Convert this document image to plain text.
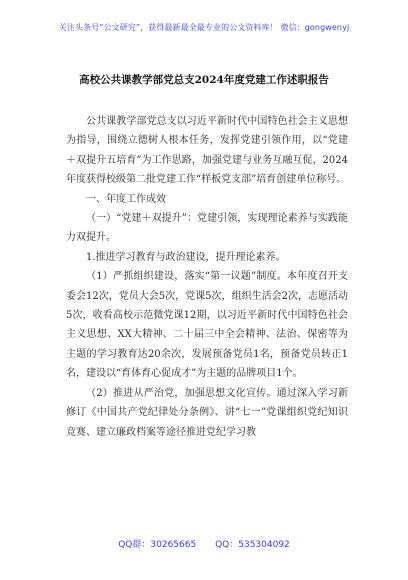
关注头条号“公文研究”，获得最新最全最专业的公文资料库！ 微信：gongwenyj
高校公共课教学部党总支2024年度党建工作述职报告

公共课教学部党总支以习近平新时代中国特色社会主义思想为指导，围绕立德树人根本任务，发挥党建引领作用，以“党建＋双提升五培育”为工作思路，加强党建与业务互融互促，2024年度获得校级第二批党建工作“样板党支部”培育创建单位称号。

一、年度工作成效

（一）“党建＋双提升”：党建引领，实现理论素养与实践能力双提升。

1.推进学习教育与政治建设，提升理论素养。

（1）严抓组织建设，落实“第一议题”制度。本年度召开支委会12次，党员大会5次，党课5次，组织生活会2次，志愿活动5次，收看高校示范微党课12期，以习近平新时代中国特色社会主义思想、XX大精神、二十届三中全会精神、法治、保密等为主题的学习教育达20余次，发展预备党员1名，预备党员转正1名，建设以“育体育心促成才”为主题的品牌项目1个。

（2）推进从严治党，加强思想文化宣传。通过深入学习新修订《中国共产党纪律处分条例》、讲“七一”党课组织党纪知识竞赛、建立廉政档案等途径推进党纪学习教

QQ群：30265665 QQ：535304092
